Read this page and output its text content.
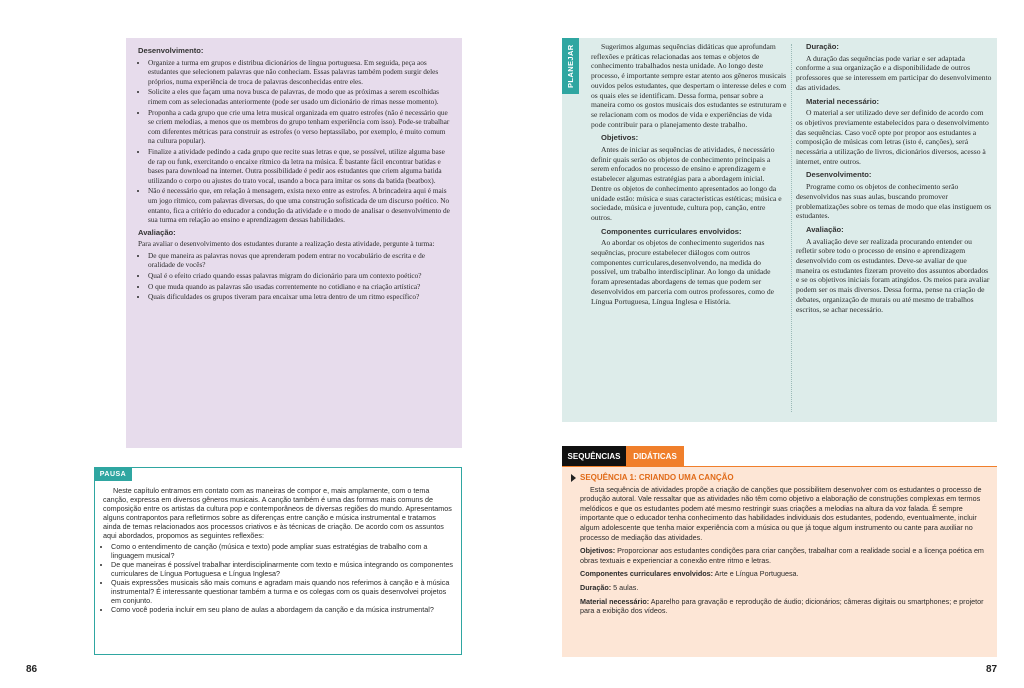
Desenvolvimento:
• Organize a turma em grupos e distribua dicionários de língua portuguesa. Em seguida, peça aos estudantes que selecionem palavras que não conheciam. Essas palavras também podem surgir deles próprios, numa experiência de troca de palavras desconhecidas entre eles.
• Solicite a eles que façam uma nova busca de palavras, de modo que as próximas a serem escolhidas rimem com as selecionadas anteriormente (pode ser usado um dicionário de rimas nesse momento).
• Proponha a cada grupo que crie uma letra musical organizada em quatro estrofes (não é necessário que se criem melodias, a menos que os membros do grupo tenham experiência com isso). Pode-se trabalhar com diferentes métricas para construir as estrofes (o verso heptassílabo, por exemplo, é muito comum na cultura popular).
• Finalize a atividade pedindo a cada grupo que recite suas letras e que, se possível, utilize alguma base de rap ou funk, exercitando o encaixe rítmico da letra na música. É bastante fácil encontrar batidas e bases para download na internet. Outra possibilidade é pedir aos estudantes que criem alguma batida utilizando o corpo ou ajustes do trato vocal, usando a boca para imitar os sons da batida (beatbox).
• Não é necessário que, em relação à mensagem, exista nexo entre as estrofes. A brincadeira aqui é mais um jogo rítmico, com palavras diversas, do que uma construção sofisticada de um discurso poético. No entanto, fica a critério do educador a condução da atividade e o modo de analisar o desenvolvimento de sua turma em relação ao ensino e aprendizagem dessas habilidades.
Avaliação:

Para avaliar o desenvolvimento dos estudantes durante a realização desta atividade, pergunte à turma:

• De que maneira as palavras novas que aprenderam podem entrar no vocabulário de escrita e de oralidade de vocês?
• Qual é o efeito criado quando essas palavras migram do dicionário para um contexto poético?
• O que muda quando as palavras são usadas correntemente no cotidiano e na criação artística?
• Quais dificuldades os grupos tiveram para encaixar uma letra dentro de um ritmo específico?

Neste capítulo entramos em contato com as maneiras de compor e, mais amplamente, com o tema canção, expressa em diversos gêneros musicais. A canção também é uma das formas mais comuns de composição entre os artistas da cultura pop e contemporâneos de diversas regiões do mundo. Apresentamos alguns contrapontos para refletirmos sobre as diferenças entre canção e música instrumental e tratamos ainda de temas relacionados aos processos criativos e às técnicas de criação. De acordo com os assuntos aqui abordados, propomos as seguintes reflexões:

• Como o entendimento de canção (música e texto) pode ampliar suas estratégias de trabalho com a linguagem musical?
• De que maneiras é possível trabalhar interdisciplinarmente com texto e música integrando os componentes curriculares de Língua Portuguesa e Língua Inglesa?
• Quais expressões musicais são mais comuns e agradam mais quando nos referimos à canção e à música instrumental? É interessante questionar também a turma e os colegas com os quais desenvolvei projetos em conjunto.
• Como você poderia incluir em seu plano de aulas a abordagem da canção e da música instrumental?
PAUSA
86
PLANEJAR	Sugerimos algumas sequências didáticas que aprofundam reflexões e práticas relacionadas aos temas e objetos de conhecimento trabalhados nesta unidade. Ao longo deste processo, é importante sempre estar atento aos gêneros musicais ouvidos pelos estudantes, que despertam o interesse deles e com os quais eles se identificam. Dessa forma, pensar sobre a maneira como os gostos musicais dos estudantes se estruturam e se relacionam com os modos de vida e experiências de vida pode contribuir para o planejamento deste trabalho.

Objetivos:

Antes de iniciar as sequências de atividades, é necessário definir quais serão os objetos de conhecimento principais a serem enfocados no processo de ensino e aprendizagem e estabelecer algumas estratégias para a abordagem inicial. Dentre os objetos de conhecimento apresentados ao longo da unidade estão: música e suas características estéticas; música e sociedade, música e juventude, cultura pop, canção, entre outros.

Componentes curriculares envolvidos:

Ao abordar os objetos de conhecimento sugeridos nas sequências, procure estabelecer diálogos com outros componentes curriculares,desenvolvendo, na medida do possível, um trabalho interdisciplinar. Ao longo da unidade foram apresentadas abordagens de temas que podem ser desenvolvidos em parceria com outros professores, como de Língua Portuguesa, Língua Inglesa e História.

Duração:

A duração das sequências pode variar e ser adaptada conforme a sua organização e a disponibilidade de outros professores que se interessem em participar do desenvolvimento das atividades.

Material necessário:

O material a ser utilizado deve ser definido de acordo com os objetivos previamente estabelecidos para o desenvolvimento das sequências. Caso você opte por propor aos estudantes a composição de músicas com letras (isto é, canções), será necessária a utilização de livros, dicionários diversos, acesso à internet, entre outros.

Desenvolvimento:

Programe como os objetos de conhecimento serão desenvolvidos nas suas aulas, buscando promover problematizações sobre os temas de modo que elas instiguem os estudantes.

Avaliação:

A avaliação deve ser realizada procurando entender ou refletir sobre todo o processo de ensino e aprendizagem desenvolvido com os estudantes. Deve-se avaliar de que maneira os estudantes fizeram proveito dos assuntos abordados e se os objetivos iniciais foram atingidos. Os meios para avaliar podem ser os mais diversos. Dessa forma, pense na criação de debates, organização de murais ou até mesmo de trabalhos escritos, se achar necessário.

SEQUÊNCIAS	DIDÁTICAS
SEQUÊNCIA 1: CRIANDO UMA CANÇÃO

Esta sequência de atividades propõe a criação de canções que possibilitem desenvolver com os estudantes o processo de produção autoral. Vale ressaltar que as atividades não têm como objetivo a elaboração de construções complexas em termos melódicos e que os estudantes podem até mesmo restringir suas criações a melodias na altura da voz falada. É sempre importante que o educador tenha conhecimento das habilidades individuais dos estudantes, podendo, eventualmente, incluir algum adolescente que tenha maior experiência com a música ou que já toque algum instrumento ou cante para auxiliar no processo de mediação das atividades.

Objetivos: Proporcionar aos estudantes condições para criar canções, trabalhar com a realidade social e a licença poética em obras textuais e experienciar a conexão entre ritmo e letras.

Componentes curriculares envolvidos: Arte e Língua Portuguesa.

Duração: 5 aulas.

Material necessário: Aparelho para gravação e reprodução de áudio; dicionários; câmeras digitais ou smartphones; e projetor para a exibição dos vídeos.

87
